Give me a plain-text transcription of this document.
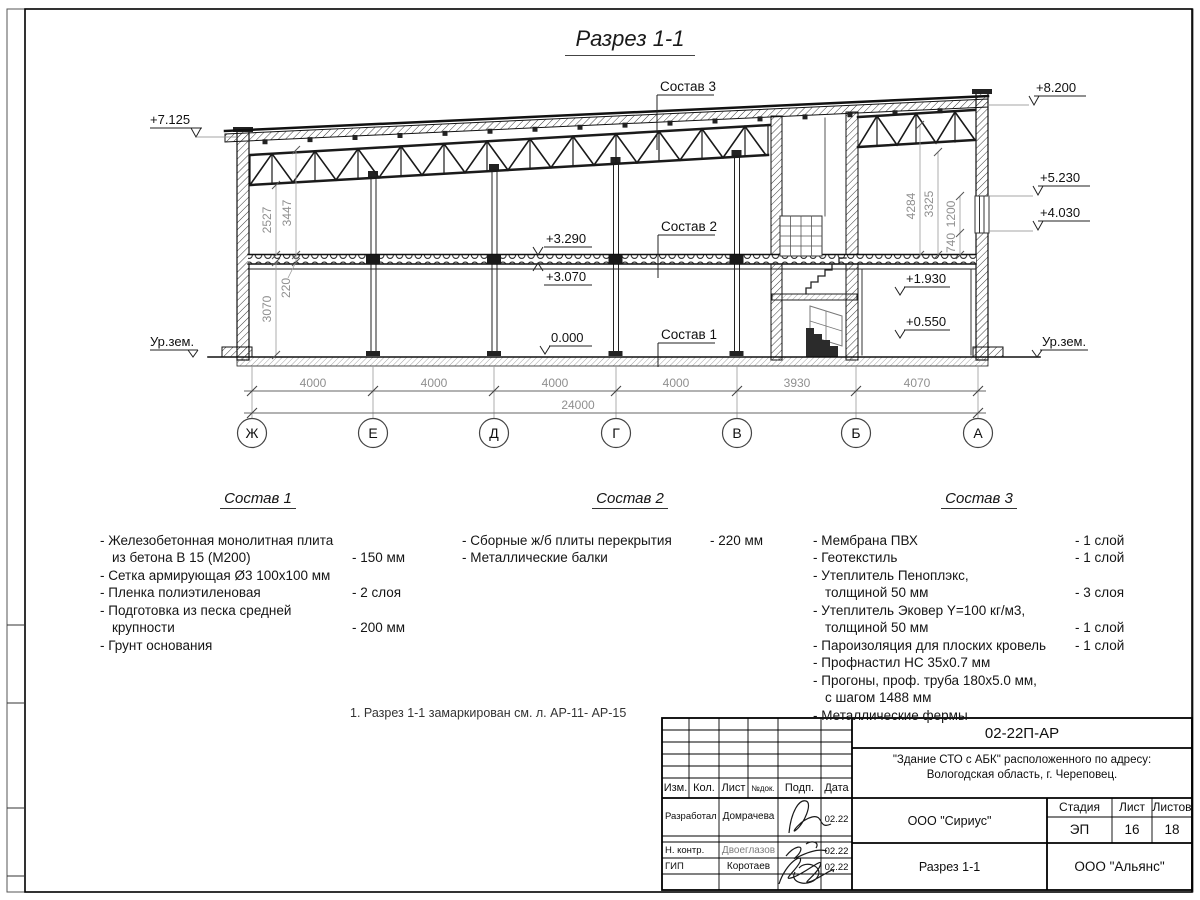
+7.125
+8.200
+5.230
+4.030
+3.290
+3.070
0.000
+1.930
+0.550
Ур.зем.	Ур.зем.
Состав 3
Состав 2
Состав 1
2527 3447
220
3070
4284 3325 1200
740
4000	4000	4000	4000	3930	4070
24000
Ж	Е	Д	Г	В	Б	А
Разрез 1-1
Состав 1
- Железобетонная монолитная плита
из бетона В 15 (М200)	- 150 мм
- Сетка армирующая Ø3 100х100 мм
- Пленка полиэтиленовая	- 2 слоя
- Подготовка из песка средней
крупности	- 200 мм
- Грунт основания
Состав 2
- Сборные ж/б плиты перекрытия	- 220 мм
- Металлические балки
Состав 3
- Мембрана ПВХ	- 1 слой
- Геотекстиль	- 1 слой
- Утеплитель Пеноплэкс,
толщиной 50 мм	- 3 слоя
- Утеплитель Эковер Y=100 кг/м3,
толщиной 50 мм	- 1 слой
- Пароизоляция для плоских кровель	- 1 слой
- Профнастил НС 35х0.7 мм
- Прогоны, проф. труба 180х5.0 мм,
с шагом 1488 мм
- Металлические фермы
1. Разрез 1-1 замаркирован см. л. АР-11- АР-15
02-22П-АР
"Здание СТО с АБК" расположенного по адресу:
Вологодская область, г. Череповец.
Изм. Кол. Лист №док. Подп. Дата
Разработал Домрачева	02.22
Н. контр.	Двоеглазов	02.22
ГИП	Коротаев	02.22
ООО "Сириус"
Разрез 1-1	ООО "Альянс"
Стадия	Лист Листов
ЭП	16	18
